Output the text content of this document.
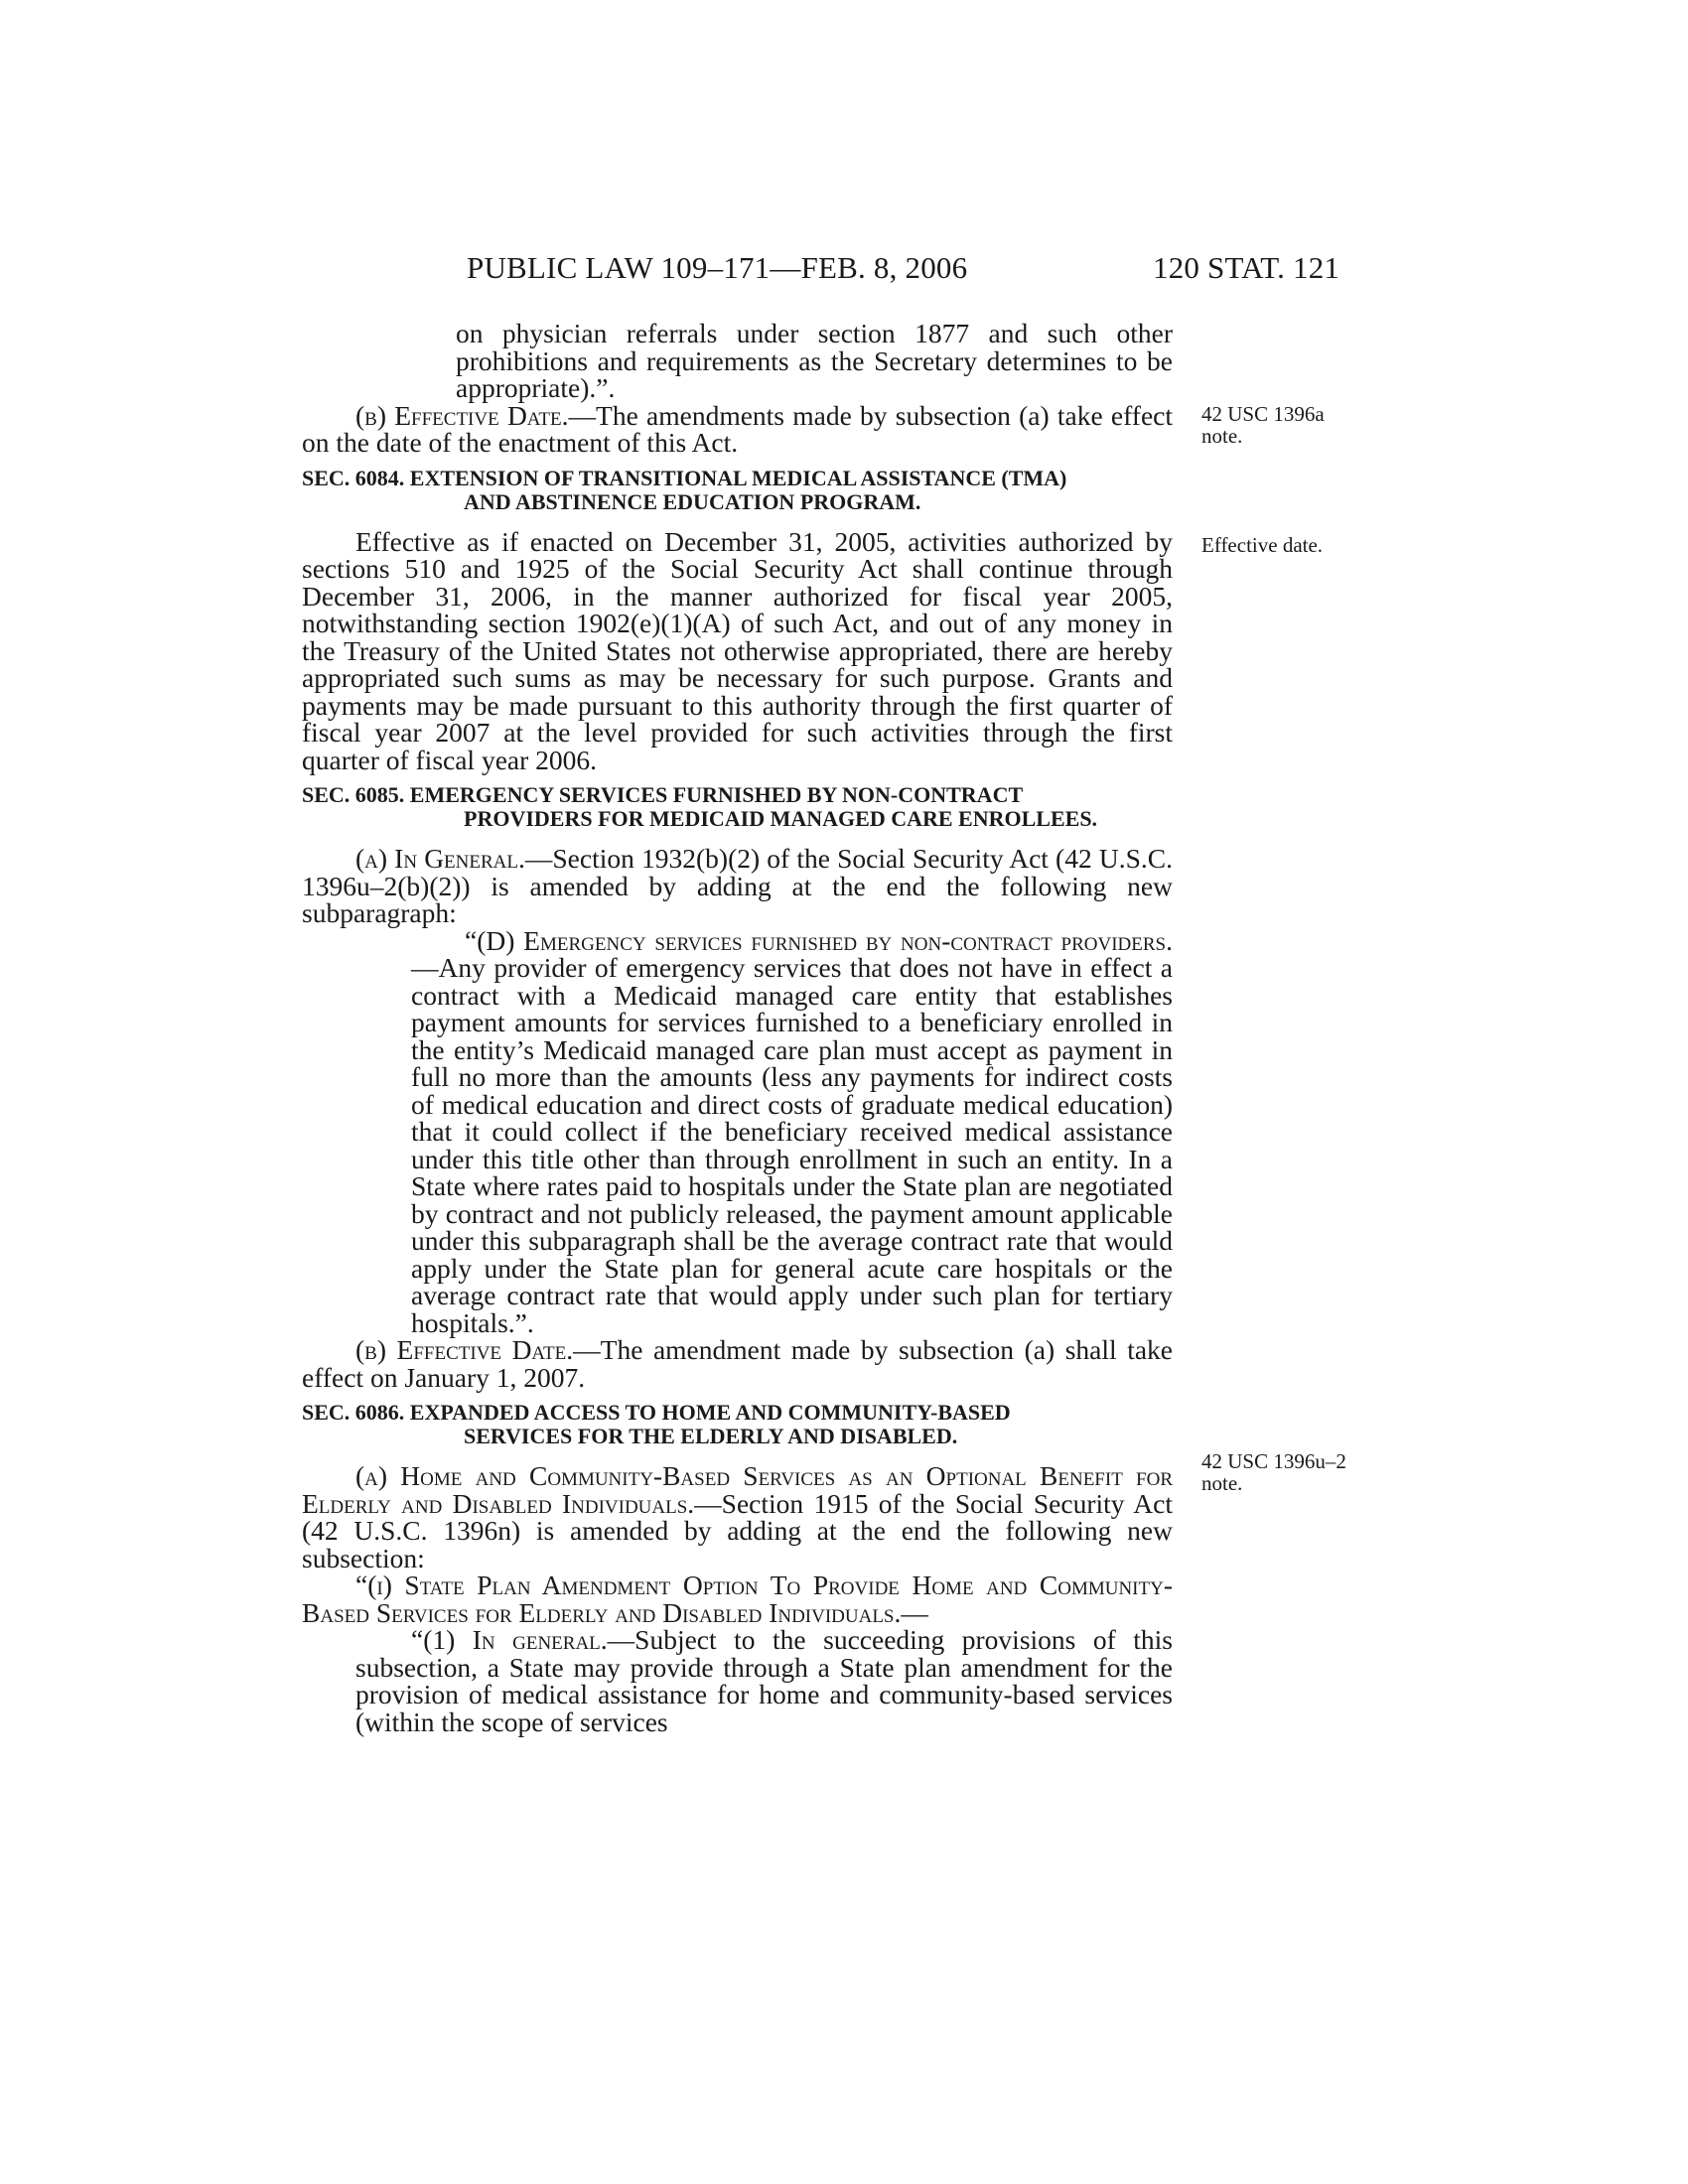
PUBLIC LAW 109–171—FEB. 8, 2006	120 STAT. 121
42 USC 1396a
note.
Effective date.
42 USC 1396u–2
note.

on physician referrals under section 1877 and such other prohibitions and requirements as the Secretary determines to be appropriate).”.

(b) Effective Date.—The amendments made by subsection (a) take effect on the date of the enactment of this Act.

SEC. 6084. EXTENSION OF TRANSITIONAL MEDICAL ASSISTANCE (TMA)
AND ABSTINENCE EDUCATION PROGRAM.

Effective as if enacted on December 31, 2005, activities authorized by sections 510 and 1925 of the Social Security Act shall continue through December 31, 2006, in the manner authorized for fiscal year 2005, notwithstanding section 1902(e)(1)(A) of such Act, and out of any money in the Treasury of the United States not otherwise appropriated, there are hereby appropriated such sums as may be necessary for such purpose. Grants and payments may be made pursuant to this authority through the first quarter of fiscal year 2007 at the level provided for such activities through the first quarter of fiscal year 2006.

SEC. 6085. EMERGENCY SERVICES FURNISHED BY NON-CONTRACT
PROVIDERS FOR MEDICAID MANAGED CARE ENROLLEES.

(a) In General.—Section 1932(b)(2) of the Social Security Act (42 U.S.C. 1396u–2(b)(2)) is amended by adding at the end the following new subparagraph:

“(D) Emergency services furnished by non-contract providers.—Any provider of emergency services that does not have in effect a contract with a Medicaid managed care entity that establishes payment amounts for services furnished to a beneficiary enrolled in the entity’s Medicaid managed care plan must accept as payment in full no more than the amounts (less any payments for indirect costs of medical education and direct costs of graduate medical education) that it could collect if the beneficiary received medical assistance under this title other than through enrollment in such an entity. In a State where rates paid to hospitals under the State plan are negotiated by contract and not publicly released, the payment amount applicable under this subparagraph shall be the average contract rate that would apply under the State plan for general acute care hospitals or the average contract rate that would apply under such plan for tertiary hospitals.”.

(b) Effective Date.—The amendment made by subsection (a) shall take effect on January 1, 2007.

SEC. 6086. EXPANDED ACCESS TO HOME AND COMMUNITY-BASED
SERVICES FOR THE ELDERLY AND DISABLED.

(a) Home and Community-Based Services as an Optional Benefit for Elderly and Disabled Individuals.—Section 1915 of the Social Security Act (42 U.S.C. 1396n) is amended by adding at the end the following new subsection:

“(i) State Plan Amendment Option To Provide Home and Community-Based Services for Elderly and Disabled Individuals.—

“(1) In general.—Subject to the succeeding provisions of this subsection, a State may provide through a State plan amendment for the provision of medical assistance for home and community-based services (within the scope of services
